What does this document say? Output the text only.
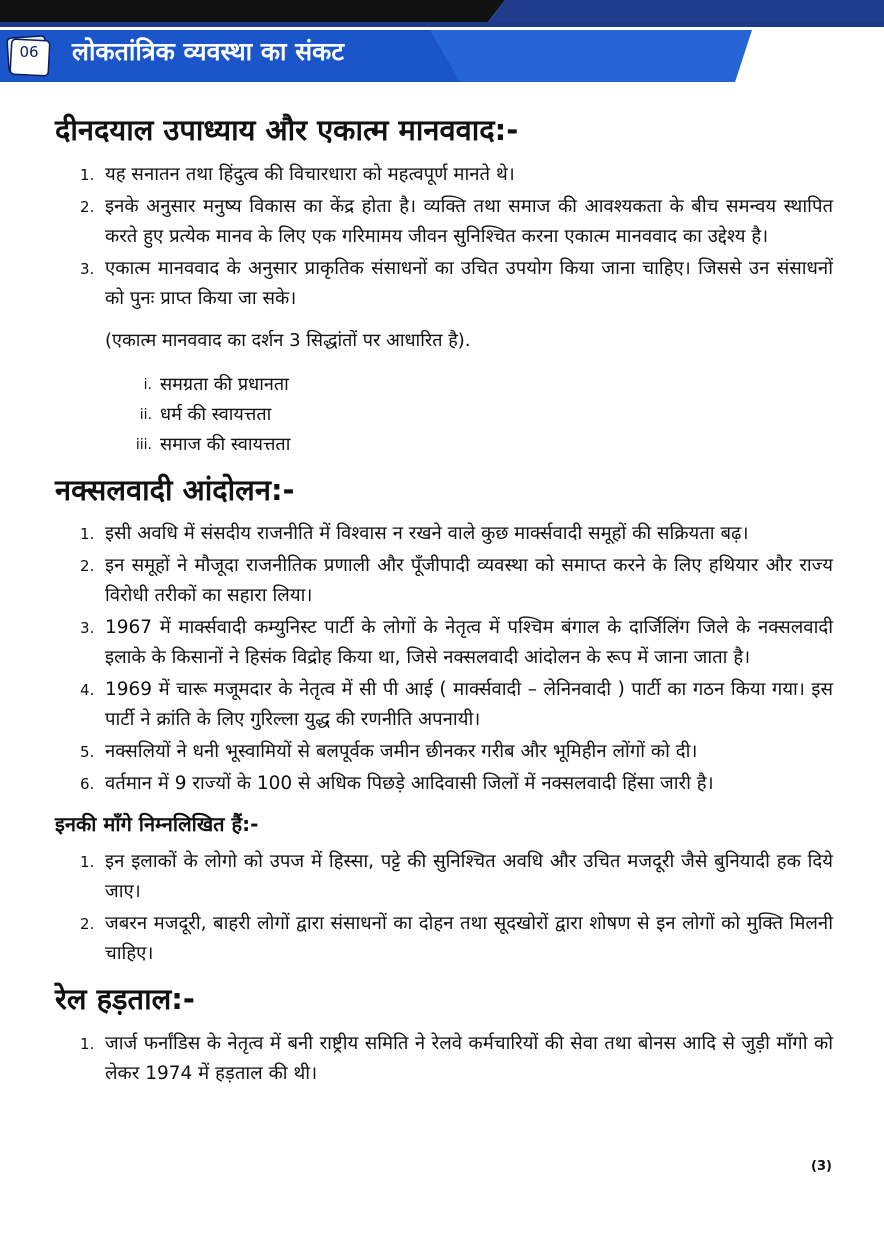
06 लोकतांत्रिक व्यवस्था का संकट
दीनदयाल उपाध्याय और एकात्म मानववाद:-
1. यह सनातन तथा हिंदुत्व की विचारधारा को महत्वपूर्ण मानते थे।
2. इनके अनुसार मनुष्य विकास का केंद्र होता है। व्यक्ति तथा समाज की आवश्यकता के बीच समन्वय स्थापित करते हुए प्रत्येक मानव के लिए एक गरिमामय जीवन सुनिश्चित करना एकात्म मानववाद का उद्देश्य है।
3. एकात्म मानववाद के अनुसार प्राकृतिक संसाधनों का उचित उपयोग किया जाना चाहिए। जिससे उन संसाधनों को पुनः प्राप्त किया जा सके।
(एकात्म मानववाद का दर्शन 3 सिद्धांतों पर आधारित है).
i. समग्रता की प्रधानता
ii. धर्म की स्वायत्तता
iii. समाज की स्वायत्तता
नक्सलवादी आंदोलन:-
1. इसी अवधि में संसदीय राजनीति में विश्वास न रखने वाले कुछ मार्क्सवादी समूहों की सक्रियता बढ़।
2. इन समूहों ने मौजूदा राजनीतिक प्रणाली और पूँजीपादी व्यवस्था को समाप्त करने के लिए हथियार और राज्य विरोधी तरीकों का सहारा लिया।
3. 1967 में मार्क्सवादी कम्युनिस्ट पार्टी के लोगों के नेतृत्व में पश्चिम बंगाल के दार्जिलिंग जिले के नक्सलवादी इलाके के किसानों ने हिसंक विद्रोह किया था, जिसे नक्सलवादी आंदोलन के रूप में जाना जाता है।
4. 1969 में चारू मजूमदार के नेतृत्व में सी पी आई ( मार्क्सवादी – लेनिनवादी ) पार्टी का गठन किया गया। इस पार्टी ने क्रांति के लिए गुरिल्ला युद्ध की रणनीति अपनायी।
5. नक्सलियों ने धनी भूस्वामियों से बलपूर्वक जमीन छीनकर गरीब और भूमिहीन लोंगों को दी।
6. वर्तमान में 9 राज्यों के 100 से अधिक पिछड़े आदिवासी जिलों में नक्सलवादी हिंसा जारी है।
इनकी माँगे निम्नलिखित हैं:-
1. इन इलाकों के लोगो को उपज में हिस्सा, पट्टे की सुनिश्चित अवधि और उचित मजदूरी जैसे बुनियादी हक दिये जाए।
2. जबरन मजदूरी, बाहरी लोगों द्वारा संसाधनों का दोहन तथा सूदखोरों द्वारा शोषण से इन लोगों को मुक्ति मिलनी चाहिए।
रेल हड़ताल:-
1. जार्ज फर्नांडिस के नेतृत्व में बनी राष्ट्रीय समिति ने रेलवे कर्मचारियों की सेवा तथा बोनस आदि से जुड़ी माँगो को लेकर 1974 में हड़ताल की थी।
(3)
